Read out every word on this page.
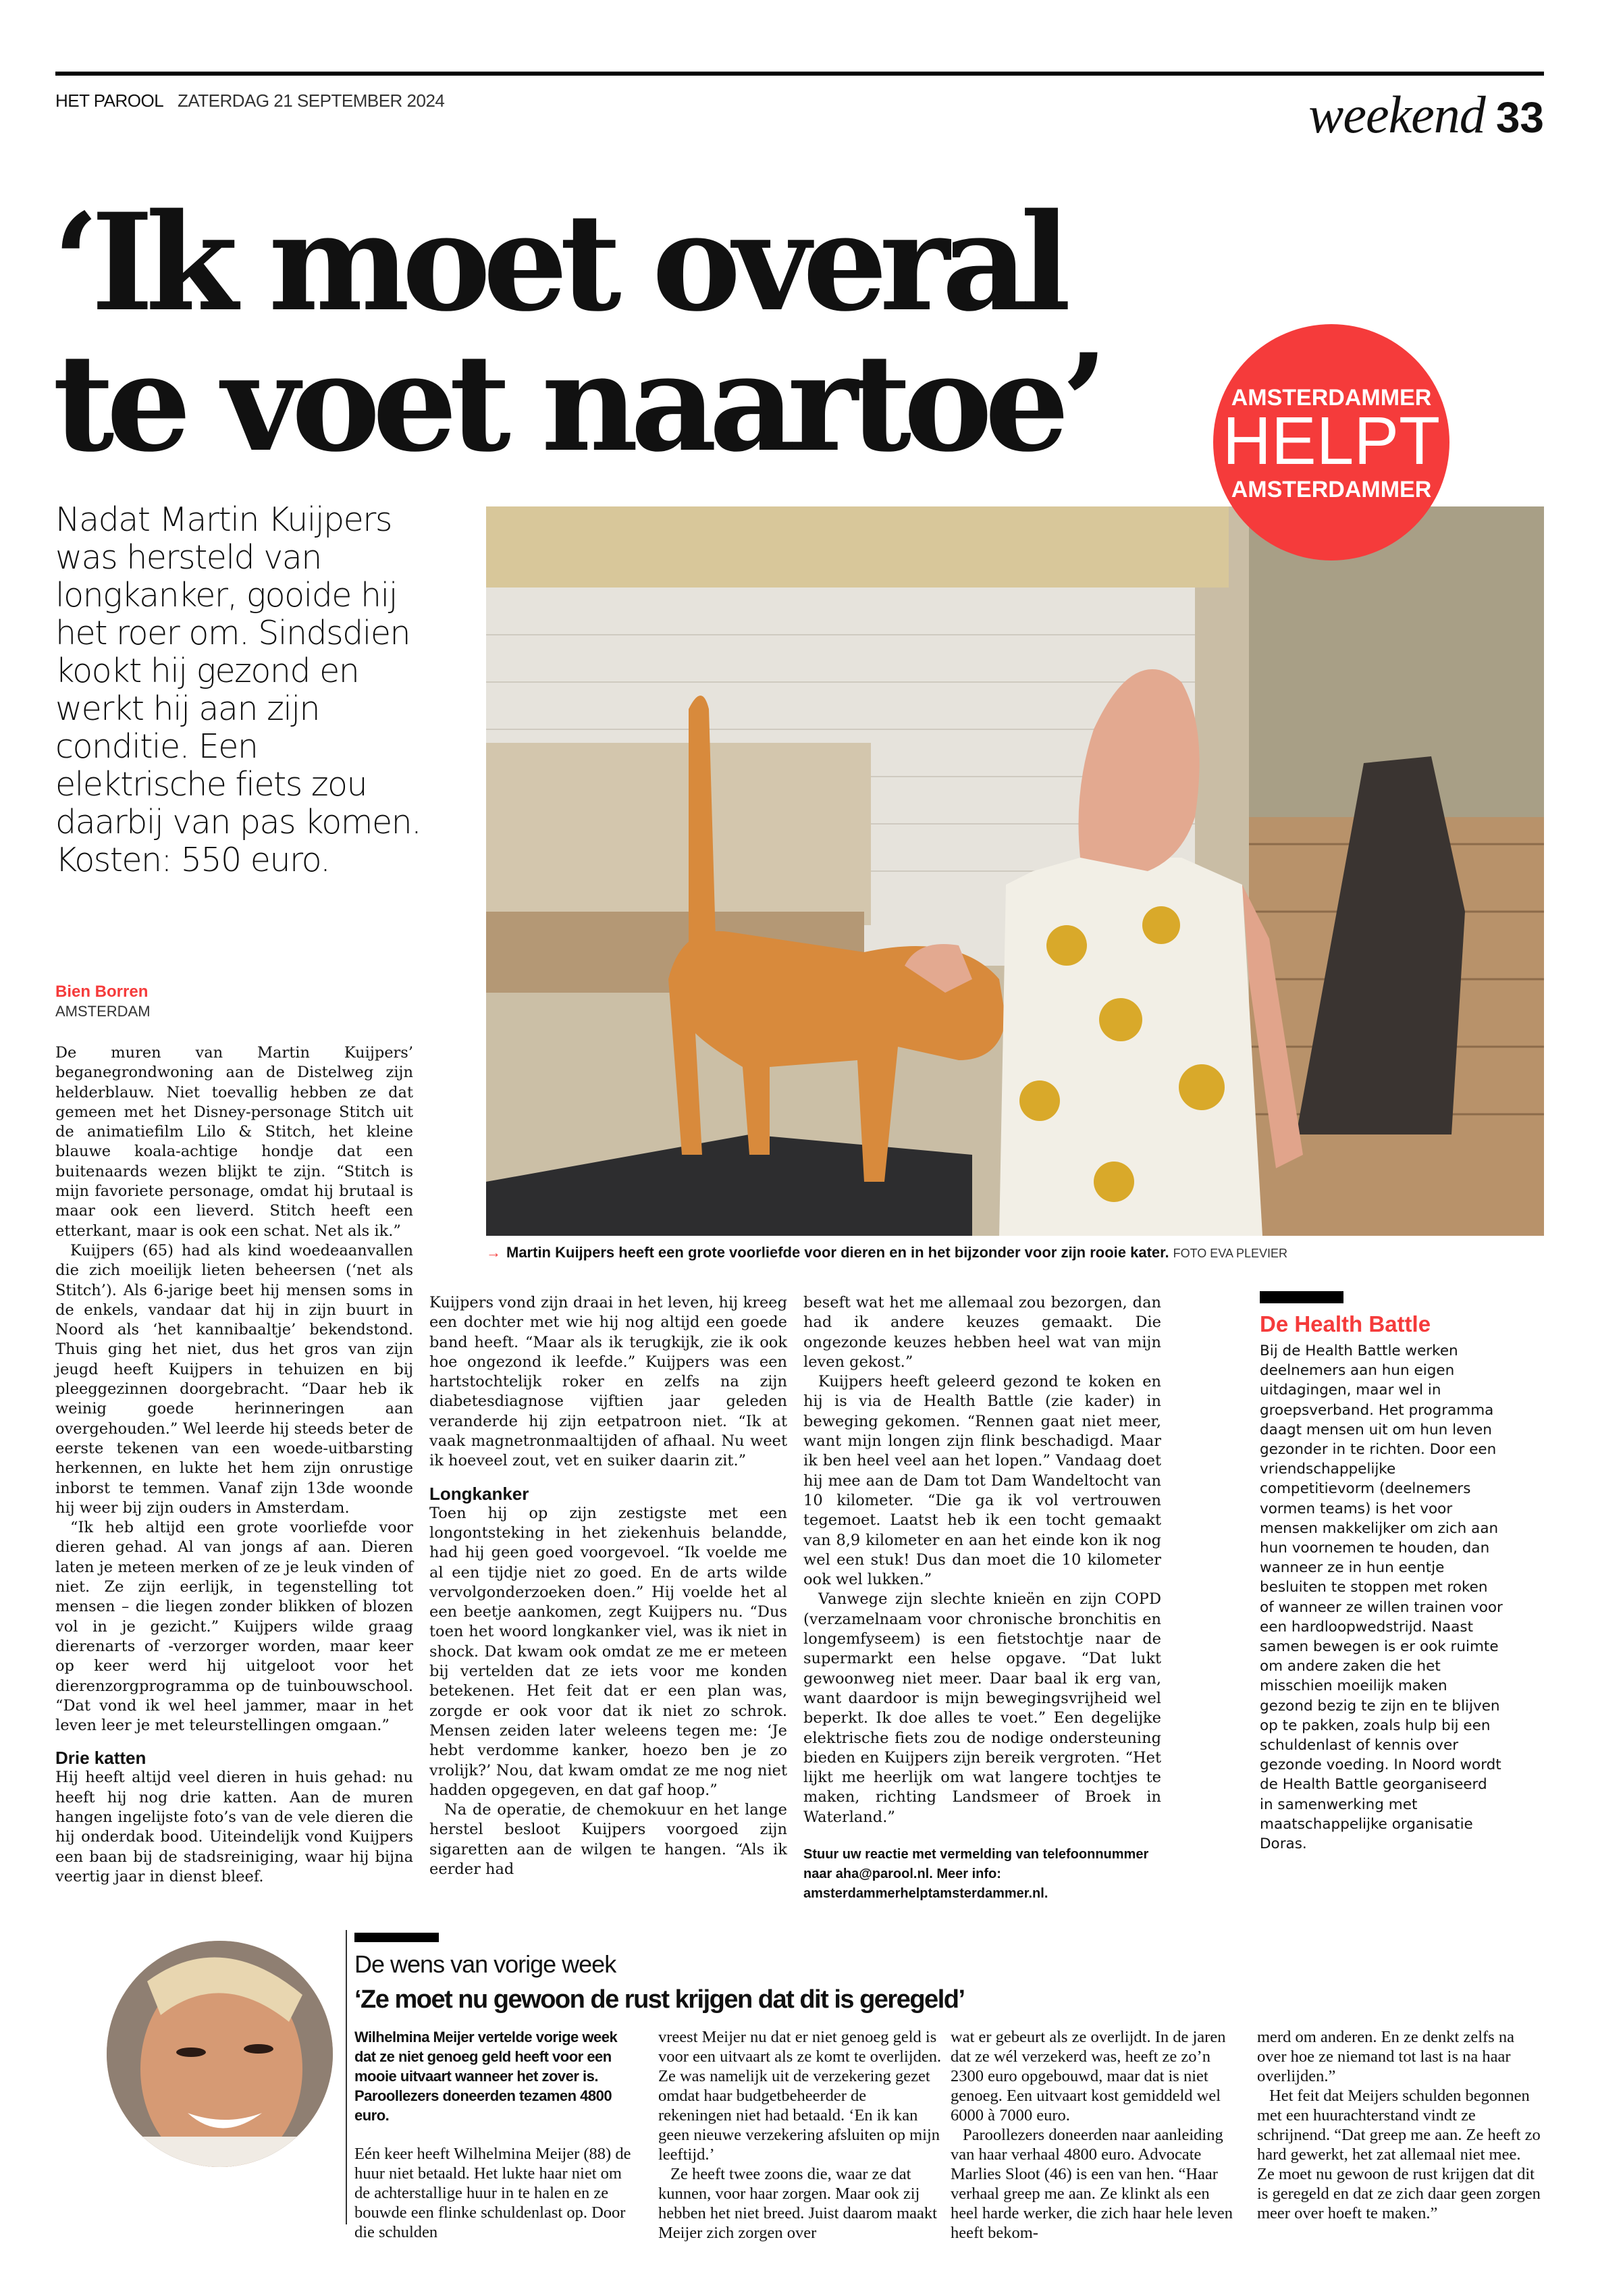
HET PAROOL ZATERDAG 21 SEPTEMBER 2024	weekend 33
‘Ik moet overal
te voet naartoe’	AMSTERDAMMER
HELPT
AMSTERDAMMER
Nadat Martin Kuijpers was hersteld van longkanker, gooide hij het roer om. Sindsdien kookt hij gezond en werkt hij aan zijn conditie. Een elektrische fiets zou daarbij van pas komen. Kosten: 550 euro.
→ Martin Kuijpers heeft een grote voorliefde voor dieren en in het bijzonder voor zijn rooie kater. FOTO EVA PLEVIER
Bien Borren
AMSTERDAM

De muren van Martin Kuijpers’ beganegrondwoning aan de Distelweg zijn helderblauw. Niet toevallig hebben ze dat gemeen met het Disney-personage Stitch uit de animatiefilm Lilo & Stitch, het kleine blauwe koala-achtige hondje dat een buitenaards wezen blijkt te zijn. “Stitch is mijn favoriete personage, omdat hij brutaal is maar ook een lieverd. Stitch heeft een etterkant, maar is ook een schat. Net als ik.”

Kuijpers (65) had als kind woedeaanvallen die zich moeilijk lieten beheersen (‘net als Stitch’). Als 6-jarige beet hij mensen soms in de enkels, vandaar dat hij in zijn buurt in Noord als ‘het kannibaaltje’ bekendstond. Thuis ging het niet, dus het gros van zijn jeugd heeft Kuijpers in tehuizen en bij pleeggezinnen doorgebracht. “Daar heb ik weinig goede herinneringen aan overgehouden.” Wel leerde hij steeds beter de eerste tekenen van een woede-uitbarsting herkennen, en lukte het hem zijn onrustige inborst te temmen. Vanaf zijn 13de woonde hij weer bij zijn ouders in Amsterdam.

“Ik heb altijd een grote voorliefde voor dieren gehad. Al van jongs af aan. Dieren laten je meteen merken of ze je leuk vinden of niet. Ze zijn eerlijk, in tegenstelling tot mensen – die liegen zonder blikken of blozen vol in je gezicht.” Kuijpers wilde graag dierenarts of -verzorger worden, maar keer op keer werd hij uitgeloot voor het dierenzorgprogramma op de tuinbouwschool. “Dat vond ik wel heel jammer, maar in het leven leer je met teleurstellingen omgaan.”

Drie katten

Hij heeft altijd veel dieren in huis gehad: nu heeft hij nog drie katten. Aan de muren hangen ingelijste foto’s van de vele dieren die hij onderdak bood. Uiteindelijk vond Kuijpers een baan bij de stadsreiniging, waar hij bijna veertig jaar in dienst bleef.

Kuijpers vond zijn draai in het leven, hij kreeg een dochter met wie hij nog altijd een goede band heeft. “Maar als ik terugkijk, zie ik ook hoe ongezond ik leefde.” Kuijpers was een hartstochtelijk roker en zelfs na zijn diabetesdiagnose vijftien jaar geleden veranderde hij zijn eetpatroon niet. “Ik at vaak magnetronmaaltijden of afhaal. Nu weet ik hoeveel zout, vet en suiker daarin zit.”

Longkanker

Toen hij op zijn zestigste met een longontsteking in het ziekenhuis belandde, had hij geen goed voorgevoel. “Ik voelde me al een tijdje niet zo goed. En de arts wilde vervolgonderzoeken doen.” Hij voelde het al een beetje aankomen, zegt Kuijpers nu. “Dus toen het woord longkanker viel, was ik niet in shock. Dat kwam ook omdat ze me er meteen bij vertelden dat ze iets voor me konden betekenen. Het feit dat er een plan was, zorgde er ook voor dat ik niet zo schrok. Mensen zeiden later weleens tegen me: ‘Je hebt verdomme kanker, hoezo ben je zo vrolijk?’ Nou, dat kwam omdat ze me nog niet hadden opgegeven, en dat gaf hoop.”

Na de operatie, de chemokuur en het lange herstel besloot Kuijpers voorgoed zijn sigaretten aan de wilgen te hangen. “Als ik eerder had

beseft wat het me allemaal zou bezorgen, dan had ik andere keuzes gemaakt. Die ongezonde keuzes hebben heel wat van mijn leven gekost.”

Kuijpers heeft geleerd gezond te koken en hij is via de Health Battle (zie kader) in beweging gekomen. “Rennen gaat niet meer, want mijn longen zijn flink beschadigd. Maar ik ben heel veel aan het lopen.” Vandaag doet hij mee aan de Dam tot Dam Wandeltocht van 10 kilometer. “Die ga ik vol vertrouwen tegemoet. Laatst heb ik een tocht gemaakt van 8,9 kilometer en aan het einde kon ik nog wel een stuk! Dus dan moet die 10 kilometer ook wel lukken.”

Vanwege zijn slechte knieën en zijn COPD (verzamelnaam voor chronische bronchitis en longemfyseem) is een fietstochtje naar de supermarkt een helse opgave. “Dat lukt gewoonweg niet meer. Daar baal ik erg van, want daardoor is mijn bewegingsvrijheid wel beperkt. Ik doe alles te voet.” Een degelijke elektrische fiets zou de nodige ondersteuning bieden en Kuijpers zijn bereik vergroten. “Het lijkt me heerlijk om wat langere tochtjes te maken, richting Landsmeer of Broek in Waterland.”

Stuur uw reactie met vermelding van telefoonnummer naar aha@parool.nl. Meer info: amsterdammerhelptamsterdammer.nl.
De Health Battle
Bij de Health Battle werken deelnemers aan hun eigen uitdagingen, maar wel in groepsverband. Het programma daagt mensen uit om hun leven gezonder in te richten. Door een vriendschappelijke competitievorm (deelnemers vormen teams) is het voor mensen makkelijker om zich aan hun voornemen te houden, dan wanneer ze in hun eentje besluiten te stoppen met roken of wanneer ze willen trainen voor een hardloopwedstrijd. Naast samen bewegen is er ook ruimte om andere zaken die het misschien moeilijk maken gezond bezig te zijn en te blijven op te pakken, zoals hulp bij een schuldenlast of kennis over gezonde voeding. In Noord wordt de Health Battle georganiseerd in samenwerking met maatschappelijke organisatie Doras.
De wens van vorige week
‘Ze moet nu gewoon de rust krijgen dat dit is geregeld’
Wilhelmina Meijer vertelde vorige week dat ze niet genoeg geld heeft voor een mooie uitvaart wanneer het zover is. Paroollezers doneerden tezamen 4800 euro.

Eén keer heeft Wilhelmina Meijer (88) de huur niet betaald. Het lukte haar niet om de achterstallige huur in te halen en ze bouwde een flinke schuldenlast op. Door die schulden

vreest Meijer nu dat er niet genoeg geld is voor een uitvaart als ze komt te overlijden. Ze was namelijk uit de verzekering gezet omdat haar budgetbeheerder de rekeningen niet had betaald. ‘En ik kan geen nieuwe verzekering afsluiten op mijn leeftijd.’

Ze heeft twee zoons die, waar ze dat kunnen, voor haar zorgen. Maar ook zij hebben het niet breed. Juist daarom maakt Meijer zich zorgen over

wat er gebeurt als ze overlijdt. In de jaren dat ze wél verzekerd was, heeft ze zo’n 2300 euro opgebouwd, maar dat is niet genoeg. Een uitvaart kost gemiddeld wel 6000 à 7000 euro.

Paroollezers doneerden naar aanleiding van haar verhaal 4800 euro. Advocate Marlies Sloot (46) is een van hen. “Haar verhaal greep me aan. Ze klinkt als een heel harde werker, die zich haar hele leven heeft bekom-

merd om anderen. En ze denkt zelfs na over hoe ze niemand tot last is na haar overlijden.”

Het feit dat Meijers schulden begonnen met een huurachterstand vindt ze schrijnend. “Dat greep me aan. Ze heeft zo hard gewerkt, het zat allemaal niet mee. Ze moet nu gewoon de rust krijgen dat dit is geregeld en dat ze zich daar geen zorgen meer over hoeft te maken.”
